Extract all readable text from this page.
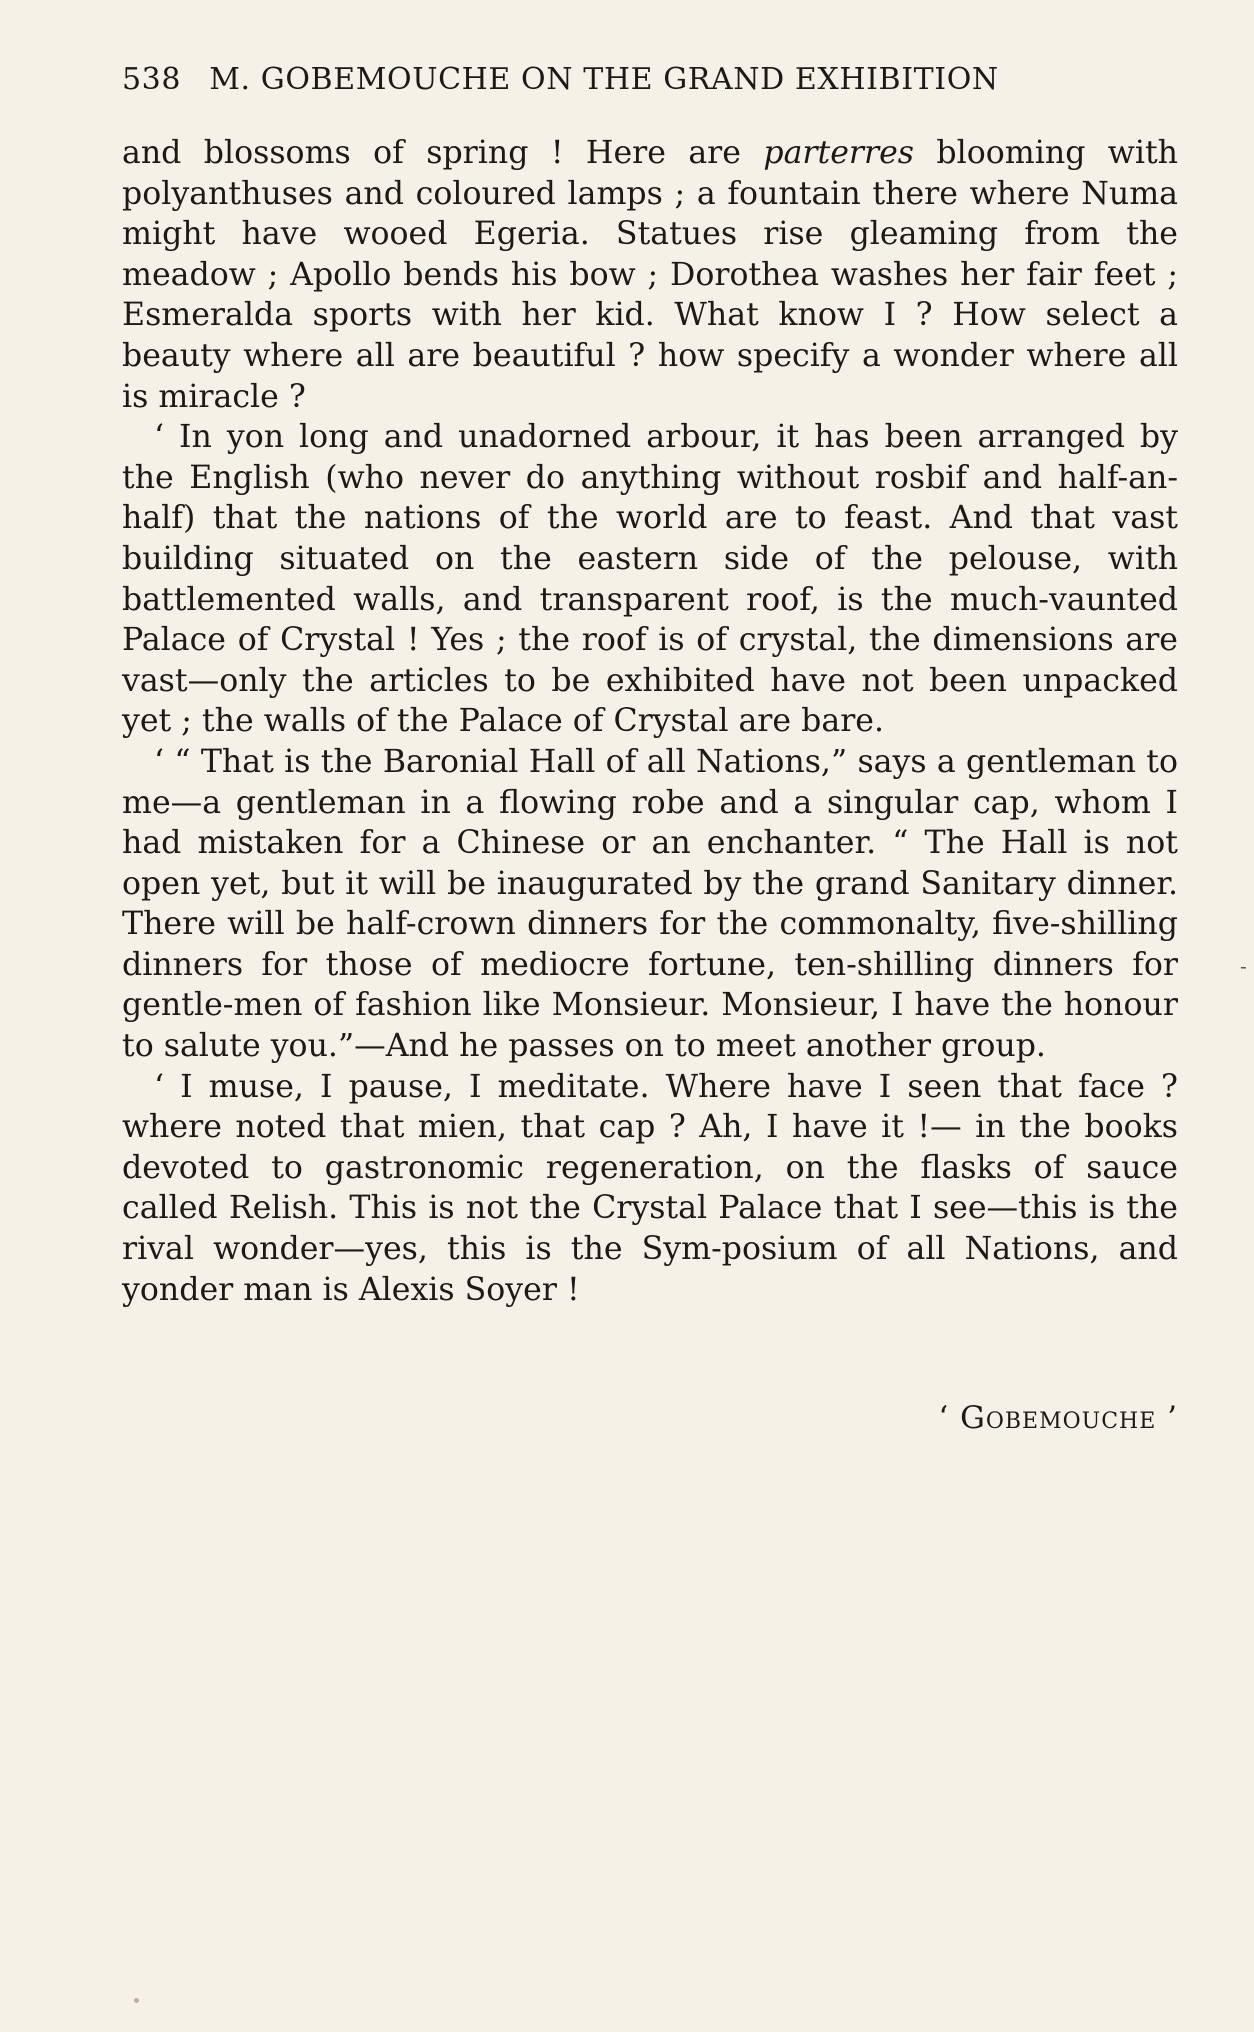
538 M. GOBEMOUCHE ON THE GRAND EXHIBITION

and blossoms of spring ! Here are parterres blooming with polyanthuses and coloured lamps ; a fountain there where Numa might have wooed Egeria. Statues rise gleaming from the meadow ; Apollo bends his bow ; Dorothea washes her fair feet ; Esmeralda sports with her kid. What know I ? How select a beauty where all are beautiful ? how specify a wonder where all is miracle ?

‘ In yon long and unadorned arbour, it has been arranged by the English (who never do anything without rosbif and half-an-half) that the nations of the world are to feast. And that vast building situated on the eastern side of the pelouse, with battlemented walls, and transparent roof, is the much-vaunted Palace of Crystal ! Yes ; the roof is of crystal, the dimensions are vast—only the articles to be exhibited have not been unpacked yet ; the walls of the Palace of Crystal are bare.

‘ “ That is the Baronial Hall of all Nations,” says a gentleman to me—a gentleman in a flowing robe and a singular cap, whom I had mistaken for a Chinese or an enchanter. “ The Hall is not open yet, but it will be inaugurated by the grand Sanitary dinner. There will be half-crown dinners for the commonalty, five-shilling dinners for those of mediocre fortune, ten-shilling dinners for gentle-men of fashion like Monsieur. Monsieur, I have the honour to salute you.”—And he passes on to meet another group.

‘ I muse, I pause, I meditate. Where have I seen that face ? where noted that mien, that cap ? Ah, I have it !— in the books devoted to gastronomic regeneration, on the flasks of sauce called Relish. This is not the Crystal Palace that I see—this is the rival wonder—yes, this is the Sym-posium of all Nations, and yonder man is Alexis Soyer !

‘ Gobemouche ’
-
